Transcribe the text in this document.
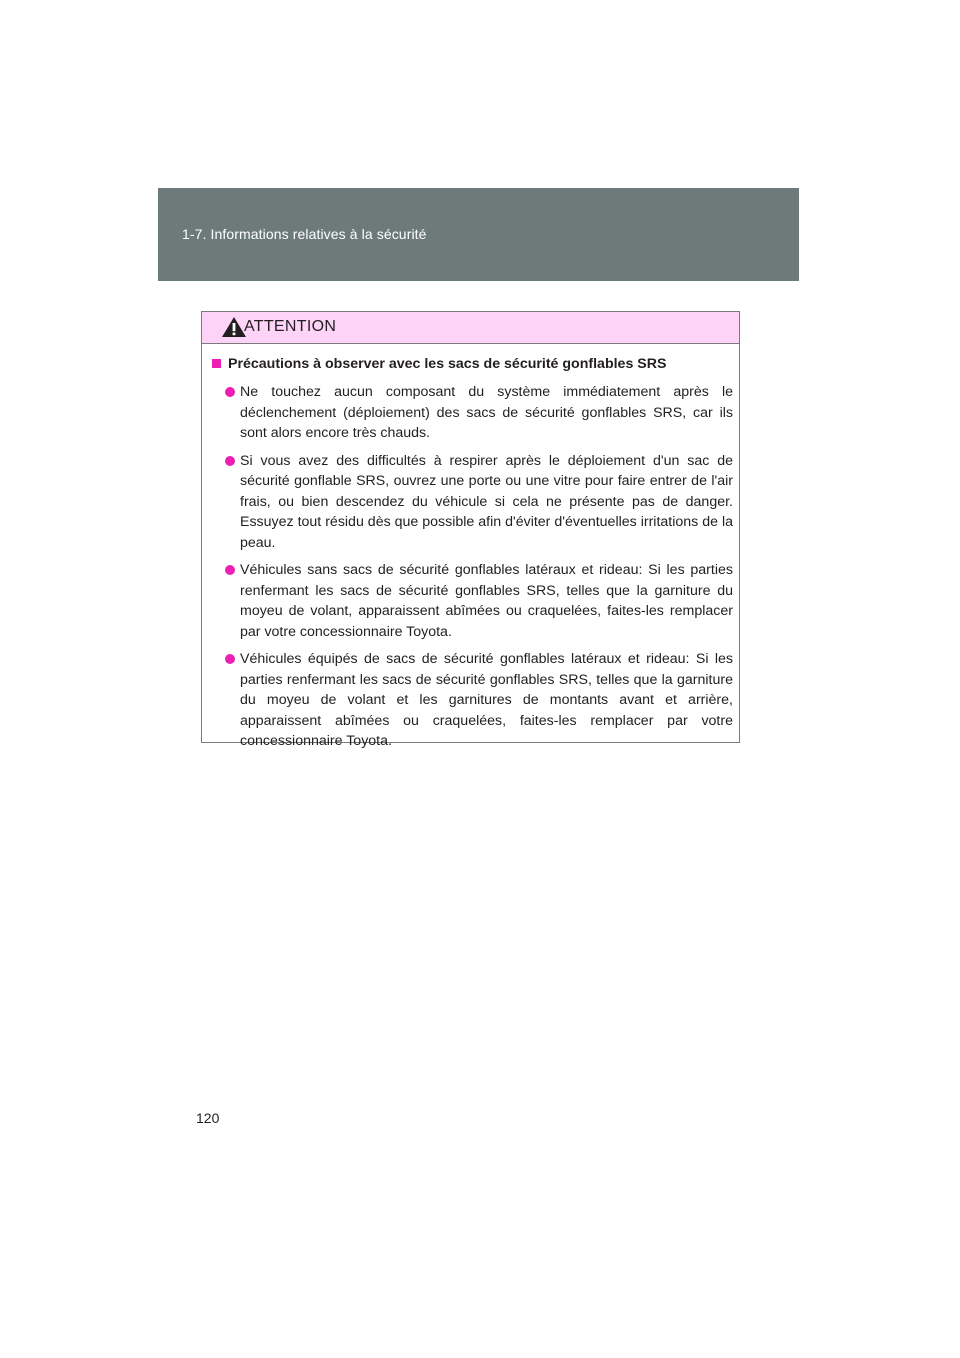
1-7. Informations relatives à la sécurité
ATTENTION
Précautions à observer avec les sacs de sécurité gonflables SRS
Ne touchez aucun composant du système immédiatement après le déclenchement (déploiement) des sacs de sécurité gonflables SRS, car ils sont alors encore très chauds.
Si vous avez des difficultés à respirer après le déploiement d'un sac de sécurité gonflable SRS, ouvrez une porte ou une vitre pour faire entrer de l'air frais, ou bien descendez du véhicule si cela ne présente pas de danger. Essuyez tout résidu dès que possible afin d'éviter d'éventuelles irritations de la peau.
Véhicules sans sacs de sécurité gonflables latéraux et rideau: Si les parties renfermant les sacs de sécurité gonflables SRS, telles que la garniture du moyeu de volant, apparaissent abîmées ou craquelées, faites-les remplacer par votre concessionnaire Toyota.
Véhicules équipés de sacs de sécurité gonflables latéraux et rideau: Si les parties renfermant les sacs de sécurité gonflables SRS, telles que la garniture du moyeu de volant et les garnitures de montants avant et arrière, apparaissent abîmées ou craquelées, faites-les remplacer par votre concessionnaire Toyota.
120
